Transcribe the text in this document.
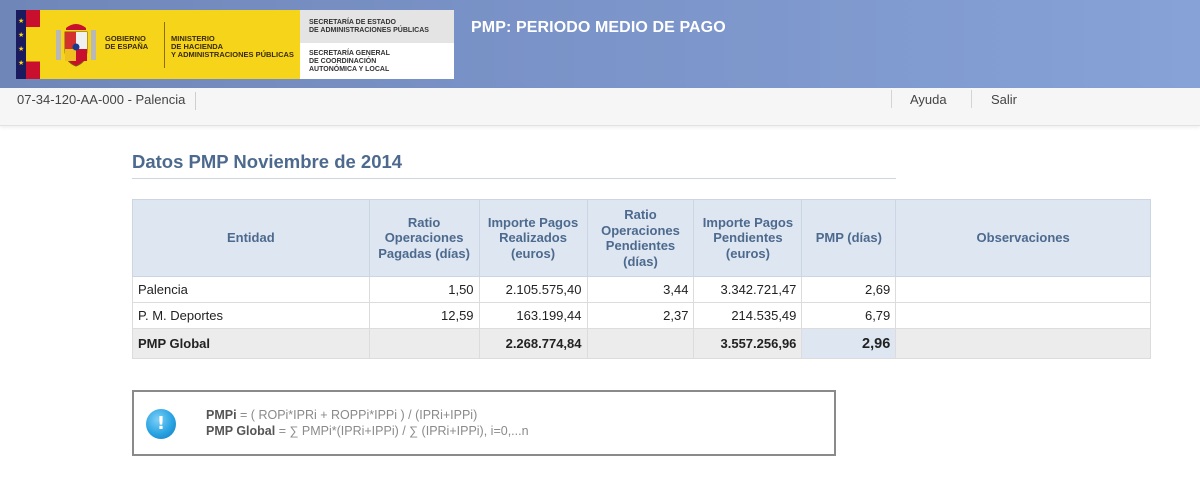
★
★
★
★
GOBIERNO
DE ESPAÑA
MINISTERIO
DE HACIENDA
Y ADMINISTRACIONES PÚBLICAS
SECRETARÍA DE ESTADO
DE ADMINISTRACIONES PÚBLICAS
SECRETARÍA GENERAL
DE COORDINACIÓN
AUTONÓMICA Y LOCAL
PMP: PERIODO MEDIO DE PAGO
07-34-120-AA-000 - Palencia	Ayuda	Salir
Datos PMP Noviembre de 2014
Entidad	Ratio Operaciones Pagadas (días)	Importe Pagos Realizados (euros)	Ratio Operaciones Pendientes (días)	Importe Pagos Pendientes (euros)	PMP (días)	Observaciones
Palencia	1,50	2.105.575,40	3,44	3.342.721,47	2,69	
P. M. Deportes	12,59	163.199,44	2,37	214.535,49	6,79	
PMP Global		2.268.774,84		3.557.256,96	2,96	
!	PMPi = ( ROPi*IPRi + ROPPi*IPPi ) / (IPRi+IPPi)
PMP Global = ∑ PMPi*(IPRi+IPPi) / ∑ (IPRi+IPPi), i=0,...n
